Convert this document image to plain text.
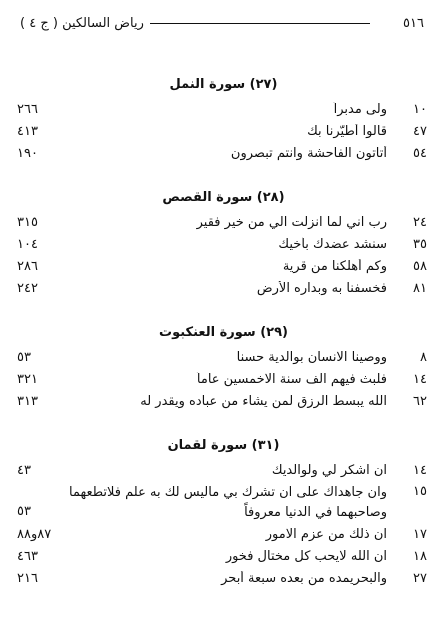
٥١٦
رياض السالكين ( ج ٤ )
(٢٧) سورة النمل
١٠
ولى مدبراً
٢٦٦
٤٧
قالوا أطيّرنا بك
٤١٣
٥٤
أتاتون الفاحشة وانتم تبصرون
١٩٠
(٢٨) سورة القصص
٢٤
رب اني لما انزلت الي من خير فقير
٣١٥
٣٥
سنشد عضدك بأخيك
١٠٤
٥٨
وكم أهلكنا من قرية
٢٨٦
٨١
فخسفنا به وبداره الأرض
٢٤٢
(٢٩) سورة العنكبوت
٨
ووصينا الانسان بوالدية حسنا
٥٣
١٤
فلبث فيهم الف سنة الاخمسين عاماً
٣٢١
٦٢
الله يبسط الرزق لمن يشاء من عباده ويقدر له
٣١٣
(٣١) سورة لقمان
١٤
ان اشكر لي ولوالديك
٤٣
١٥
وان جاهداك على ان تشرك بي ماليس لك به علم فلاتطعهما وصاحبهما في الدنيا معروفاً
٥٣
١٧
ان ذلك من عزم الامور
٨٧و٨٨
١٨
ان الله لايحب كل مختال فخور
٤٦٣
٢٧
والبحريمده من بعده سبعة أبحر
٢١٦
